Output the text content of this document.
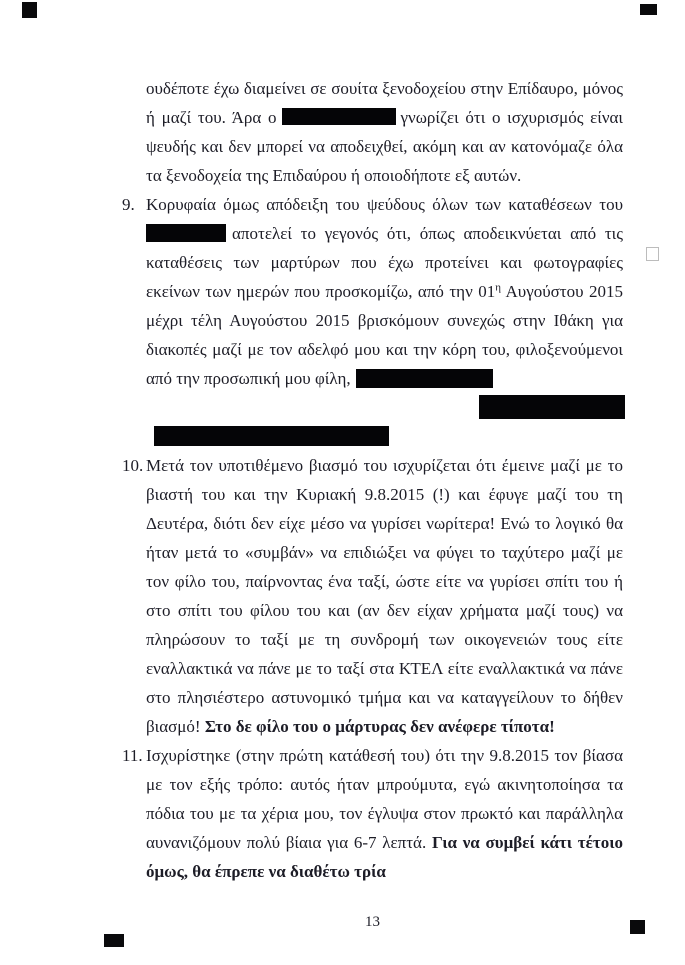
ουδέποτε έχω διαμείνει σε σουίτα ξενοδοχείου στην Επίδαυρο, μόνος ή μαζί του. Άρα ο	γνωρίζει ότι ο ισχυρισμός είναι ψευδής και δεν μπορεί να αποδειχθεί, ακόμη και αν κατονόμαζε όλα τα ξενοδοχεία της Επιδαύρου ή οποιοδήποτε εξ αυτών.

9.Κορυφαία όμως απόδειξη του ψεύδους όλων των καταθέσεων του αποτελεί το γεγονός ότι, όπως αποδεικνύεται από τις καταθέσεις των μαρτύρων που έχω προτείνει και φωτογραφίες εκείνων των ημερών που προσκομίζω, από την $01^\eta$ Αυγούστου 2015 μέχρι τέλη Αυγούστου 2015 βρισκόμουν συνεχώς στην Ιθάκη για διακοπές μαζί με τον αδελφό μου και την κόρη του, φιλοξενούμενοι από την προσωπική μου φίλη,

10. Μετά τον υποτιθέμενο βιασμό του ισχυρίζεται ότι έμεινε μαζί με το βιαστή του και την Κυριακή 9.8.2015 (!) και έφυγε μαζί του τη Δευτέρα, διότι δεν είχε μέσο να γυρίσει νωρίτερα! Ενώ το λογικό θα ήταν μετά το «συμβάν» να επιδιώξει να φύγει το ταχύτερο μαζί με τον φίλο του, παίρνοντας ένα ταξί, ώστε είτε να γυρίσει σπίτι του ή στο σπίτι του φίλου του και (αν δεν είχαν χρήματα μαζί τους) να πληρώσουν το ταξί με τη συνδρομή των οικογενειών τους είτε εναλλακτικά να πάνε με το ταξί στα ΚΤΕΛ είτε εναλλακτικά να πάνε στο πλησιέστερο αστυνομικό τμήμα και να καταγγείλουν το δήθεν βιασμό! Στο δε φίλο του ο μάρτυρας δεν ανέφερε τίποτα!

11. Ισχυρίστηκε (στην πρώτη κατάθεσή του) ότι την 9.8.2015 τον βίασα με τον εξής τρόπο: αυτός ήταν μπρούμυτα, εγώ ακινητοποίησα τα πόδια του με τα χέρια μου, τον έγλυψα στον πρωκτό και παράλληλα αυνανιζόμουν πολύ βίαια για 6-7 λεπτά. Για να συμβεί κάτι τέτοιο όμως, θα έπρεπε να διαθέτω τρία

13
